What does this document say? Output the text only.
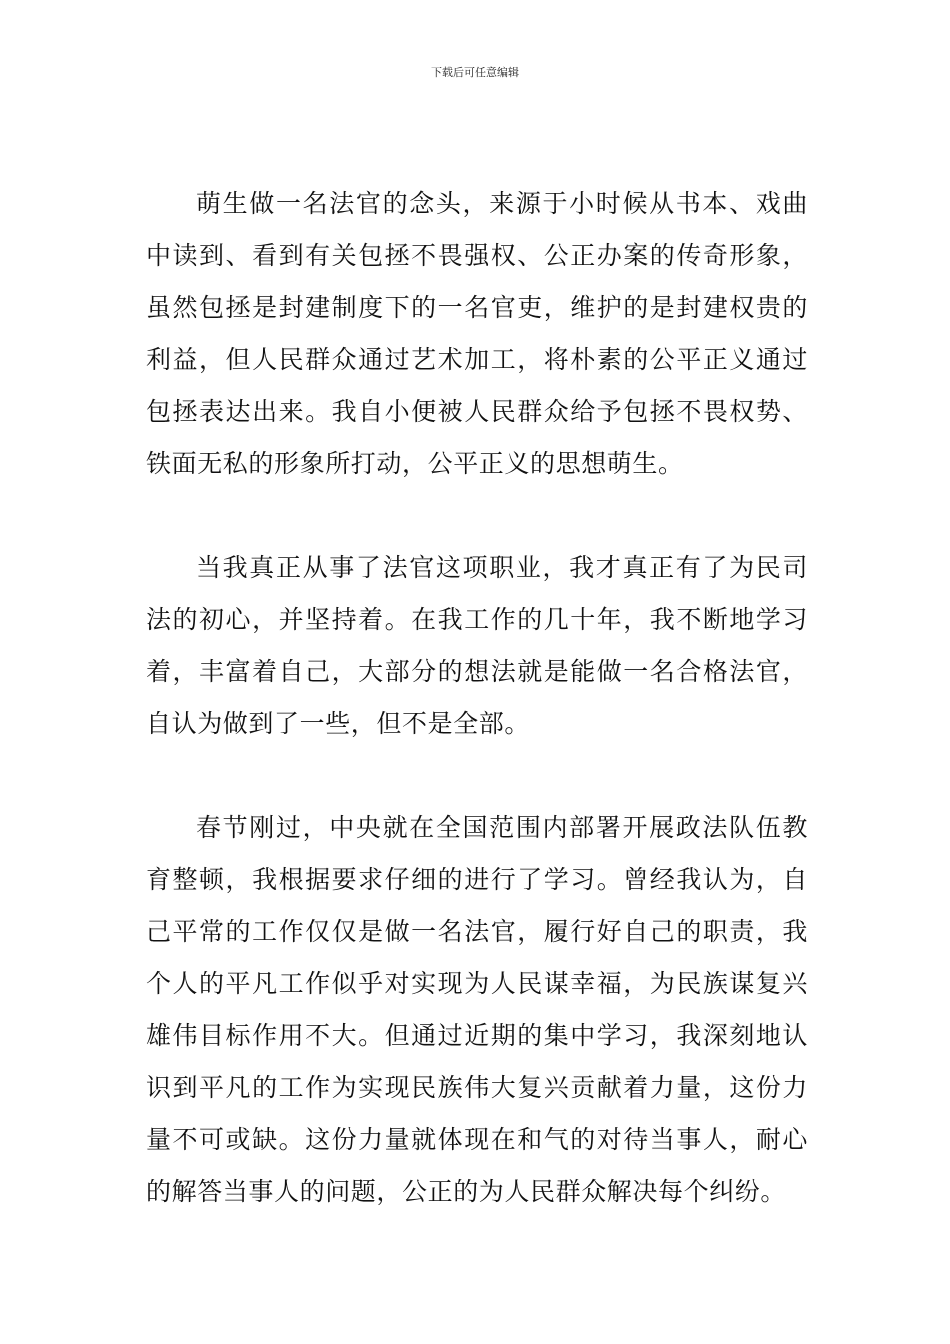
下载后可任意编辑

萌生做一名法官的念头，来源于小时候从书本、戏曲中读到、看到有关包拯不畏强权、公正办案的传奇形象，虽然包拯是封建制度下的一名官吏，维护的是封建权贵的利益，但人民群众通过艺术加工，将朴素的公平正义通过包拯表达出来。我自小便被人民群众给予包拯不畏权势、铁面无私的形象所打动，公平正义的思想萌生。

当我真正从事了法官这项职业，我才真正有了为民司法的初心，并坚持着。在我工作的几十年，我不断地学习着，丰富着自己，大部分的想法就是能做一名合格法官，自认为做到了一些，但不是全部。

春节刚过，中央就在全国范围内部署开展政法队伍教育整顿，我根据要求仔细的进行了学习。曾经我认为，自己平常的工作仅仅是做一名法官，履行好自己的职责，我个人的平凡工作似乎对实现为人民谋幸福，为民族谋复兴雄伟目标作用不大。但通过近期的集中学习，我深刻地认识到平凡的工作为实现民族伟大复兴贡献着力量，这份力量不可或缺。这份力量就体现在和气的对待当事人，耐心的解答当事人的问题，公正的为人民群众解决每个纠纷。
